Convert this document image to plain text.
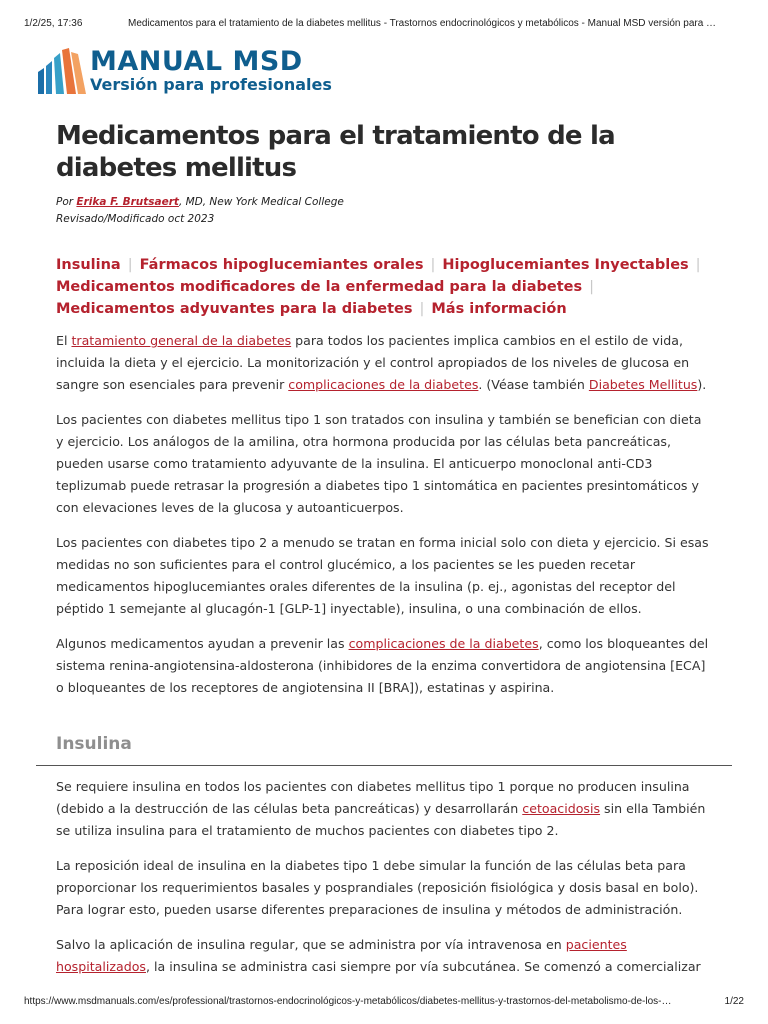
1/2/25, 17:36	Medicamentos para el tratamiento de la diabetes mellitus - Trastornos endocrinológicos y metabólicos - Manual MSD versión para …
MANUAL MSD
Versión para profesionales
Medicamentos para el tratamiento de la diabetes mellitus
Por Erika F. Brutsaert, MD, New York Medical College
Revisado/Modificado oct 2023
Insulina | Fármacos hipoglucemiantes orales | Hipoglucemiantes Inyectables |
Medicamentos modificadores de la enfermedad para la diabetes |
Medicamentos adyuvantes para la diabetes | Más información

El tratamiento general de la diabetes para todos los pacientes implica cambios en el estilo de vida, incluida la dieta y el ejercicio. La monitorización y el control apropiados de los niveles de glucosa en sangre son esenciales para prevenir complicaciones de la diabetes. (Véase también Diabetes Mellitus).

Los pacientes con diabetes mellitus tipo 1 son tratados con insulina y también se benefician con dieta y ejercicio. Los análogos de la amilina, otra hormona producida por las células beta pancreáticas, pueden usarse como tratamiento adyuvante de la insulina. El anticuerpo monoclonal anti-CD3 teplizumab puede retrasar la progresión a diabetes tipo 1 sintomática en pacientes presintomáticos y con elevaciones leves de la glucosa y autoanticuerpos.

Los pacientes con diabetes tipo 2 a menudo se tratan en forma inicial solo con dieta y ejercicio. Si esas medidas no son suficientes para el control glucémico, a los pacientes se les pueden recetar medicamentos hipoglucemiantes orales diferentes de la insulina (p. ej., agonistas del receptor del péptido 1 semejante al glucagón-1 [GLP-1] inyectable), insulina, o una combinación de ellos.

Algunos medicamentos ayudan a prevenir las complicaciones de la diabetes, como los bloqueantes del sistema renina-angiotensina-aldosterona (inhibidores de la enzima convertidora de angiotensina [ECA] o bloqueantes de los receptores de angiotensina II [BRA]), estatinas y aspirina.

Insulina

Se requiere insulina en todos los pacientes con diabetes mellitus tipo 1 porque no producen insulina (debido a la destrucción de las células beta pancreáticas) y desarrollarán cetoacidosis sin ella También se utiliza insulina para el tratamiento de muchos pacientes con diabetes tipo 2.

La reposición ideal de insulina en la diabetes tipo 1 debe simular la función de las células beta para proporcionar los requerimientos basales y posprandiales (reposición fisiológica y dosis basal en bolo). Para lograr esto, pueden usarse diferentes preparaciones de insulina y métodos de administración.

Salvo la aplicación de insulina regular, que se administra por vía intravenosa en pacientes hospitalizados, la insulina se administra casi siempre por vía subcutánea. Se comenzó a comercializar

https://www.msdmanuals.com/es/professional/trastornos-endocrinológicos-y-metabólicos/diabetes-mellitus-y-trastornos-del-metabolismo-de-los-…	1/22
